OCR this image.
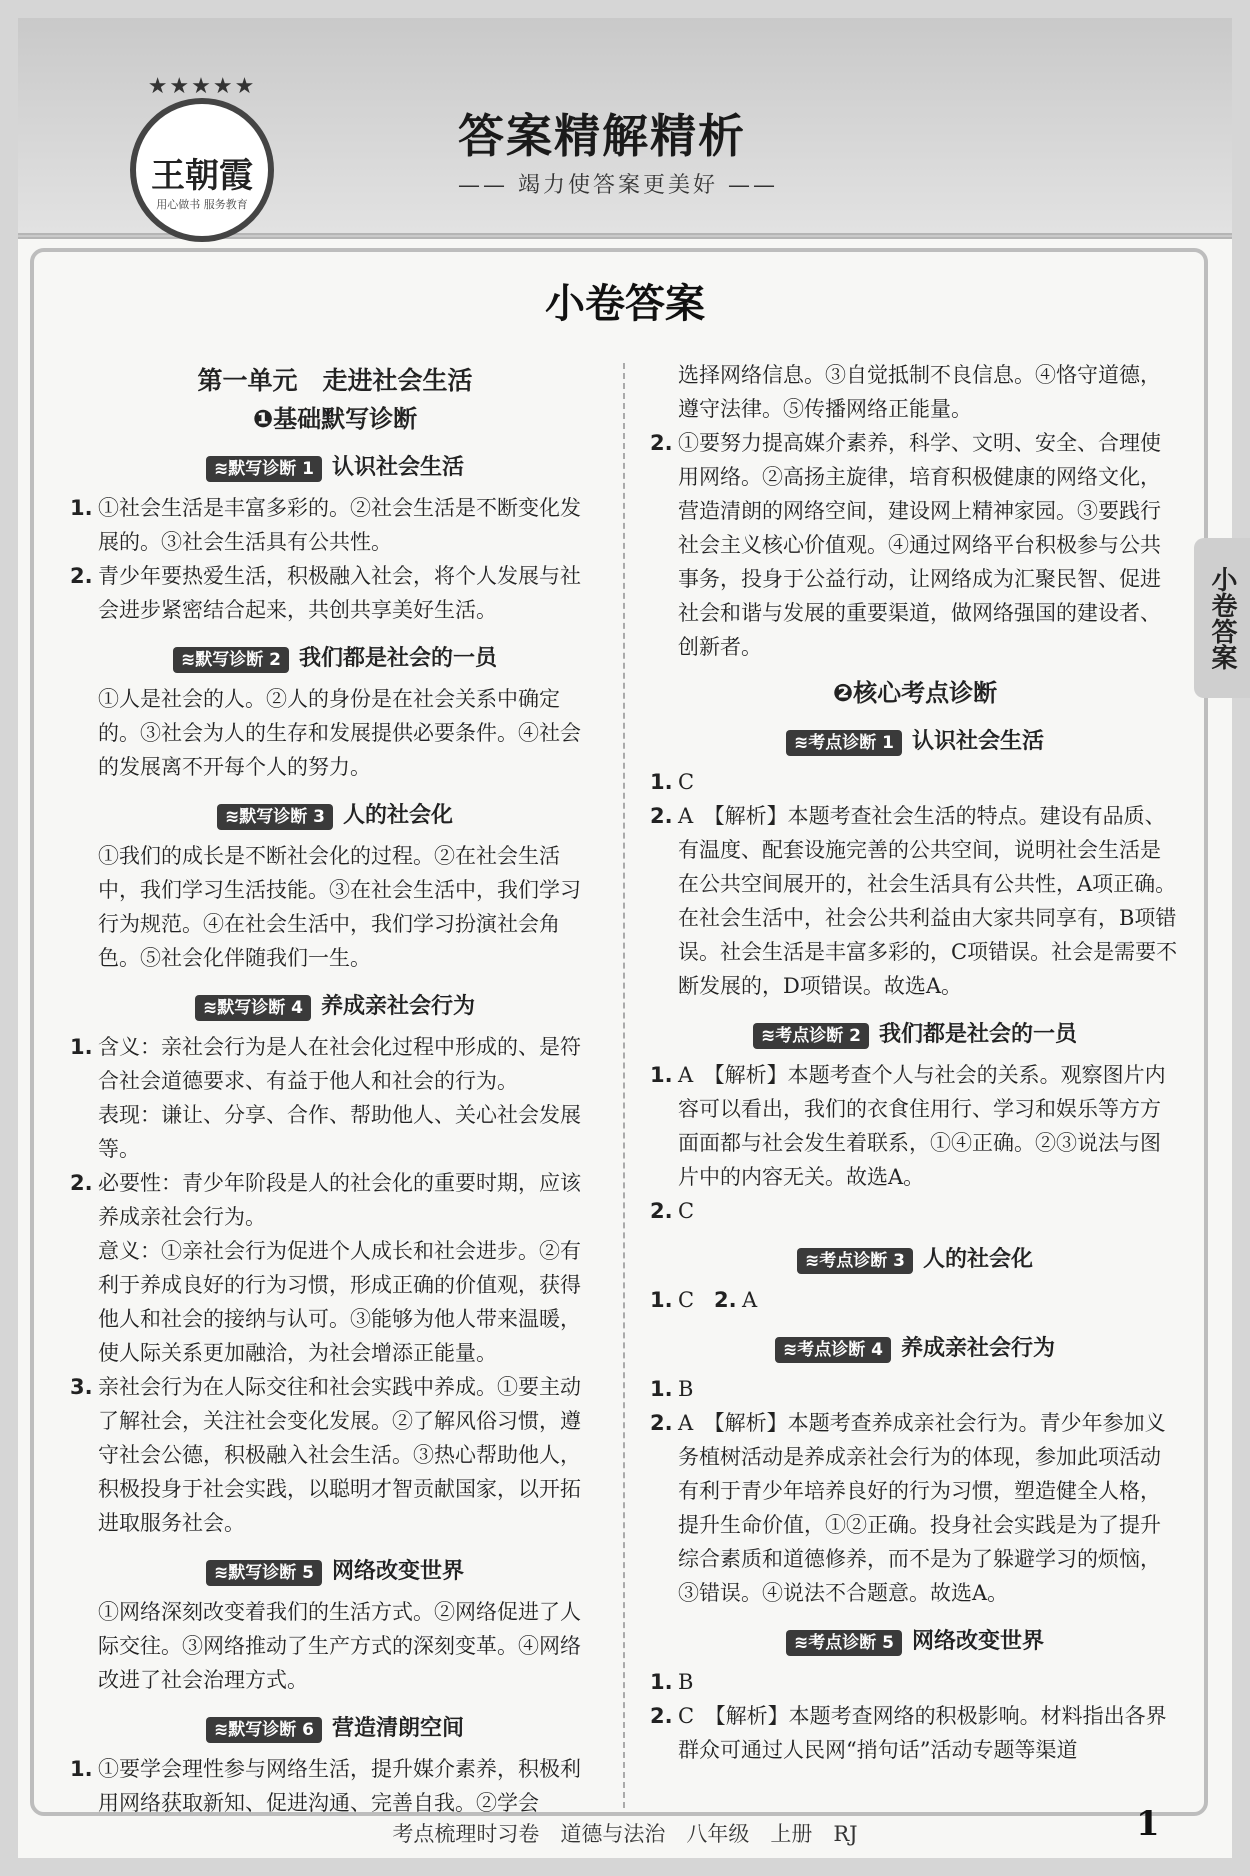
★★★★★
王朝霞
用心做书 服务教育
答案精解精析
—— 竭力使答案更美好 ——
小卷答案
第一单元　走进社会生活
❶基础默写诊断
≋默写诊断 1 认识社会生活
1. ①社会生活是丰富多彩的。②社会生活是不断变化发展的。③社会生活具有公共性。
2. 青少年要热爱生活，积极融入社会，将个人发展与社会进步紧密结合起来，共创共享美好生活。
≋默写诊断 2 我们都是社会的一员
①人是社会的人。②人的身份是在社会关系中确定的。③社会为人的生存和发展提供必要条件。④社会的发展离不开每个人的努力。
≋默写诊断 3 人的社会化
①我们的成长是不断社会化的过程。②在社会生活中，我们学习生活技能。③在社会生活中，我们学习行为规范。④在社会生活中，我们学习扮演社会角色。⑤社会化伴随我们一生。
≋默写诊断 4 养成亲社会行为
1. 含义：亲社会行为是人在社会化过程中形成的、是符合社会道德要求、有益于他人和社会的行为。
表现：谦让、分享、合作、帮助他人、关心社会发展等。
2. 必要性：青少年阶段是人的社会化的重要时期，应该养成亲社会行为。
意义：①亲社会行为促进个人成长和社会进步。②有利于养成良好的行为习惯，形成正确的价值观，获得他人和社会的接纳与认可。③能够为他人带来温暖，使人际关系更加融洽，为社会增添正能量。
3. 亲社会行为在人际交往和社会实践中养成。①要主动了解社会，关注社会变化发展。②了解风俗习惯，遵守社会公德，积极融入社会生活。③热心帮助他人，积极投身于社会实践，以聪明才智贡献国家，以开拓进取服务社会。
≋默写诊断 5 网络改变世界
①网络深刻改变着我们的生活方式。②网络促进了人际交往。③网络推动了生产方式的深刻变革。④网络改进了社会治理方式。
≋默写诊断 6 营造清朗空间
1. ①要学会理性参与网络生活，提升媒介素养，积极利用网络获取新知、促进沟通、完善自我。②学会
选择网络信息。③自觉抵制不良信息。④恪守道德，遵守法律。⑤传播网络正能量。
2. ①要努力提高媒介素养，科学、文明、安全、合理使用网络。②高扬主旋律，培育积极健康的网络文化，营造清朗的网络空间，建设网上精神家园。③要践行社会主义核心价值观。④通过网络平台积极参与公共事务，投身于公益行动，让网络成为汇聚民智、促进社会和谐与发展的重要渠道，做网络强国的建设者、创新者。
❷核心考点诊断
≋考点诊断 1 认识社会生活
1. C
2. A　【解析】本题考查社会生活的特点。建设有品质、有温度、配套设施完善的公共空间，说明社会生活是在公共空间展开的，社会生活具有公共性，A项正确。在社会生活中，社会公共利益由大家共同享有，B项错误。社会生活是丰富多彩的，C项错误。社会是需要不断发展的，D项错误。故选A。
≋考点诊断 2 我们都是社会的一员
1. A　【解析】本题考查个人与社会的关系。观察图片内容可以看出，我们的衣食住用行、学习和娱乐等方方面面都与社会发生着联系，①④正确。②③说法与图片中的内容无关。故选A。
2. C
≋考点诊断 3 人的社会化
1. C 2. A
≋考点诊断 4 养成亲社会行为
1. B
2. A　【解析】本题考查养成亲社会行为。青少年参加义务植树活动是养成亲社会行为的体现，参加此项活动有利于青少年培养良好的行为习惯，塑造健全人格，提升生命价值，①②正确。投身社会实践是为了提升综合素质和道德修养，而不是为了躲避学习的烦恼，③错误。④说法不合题意。故选A。
≋考点诊断 5 网络改变世界
1. B
2. C　【解析】本题考查网络的积极影响。材料指出各界群众可通过人民网“捎句话”活动专题等渠道
小卷答案
考点梳理时习卷　道德与法治　八年级　上册　RJ	1
